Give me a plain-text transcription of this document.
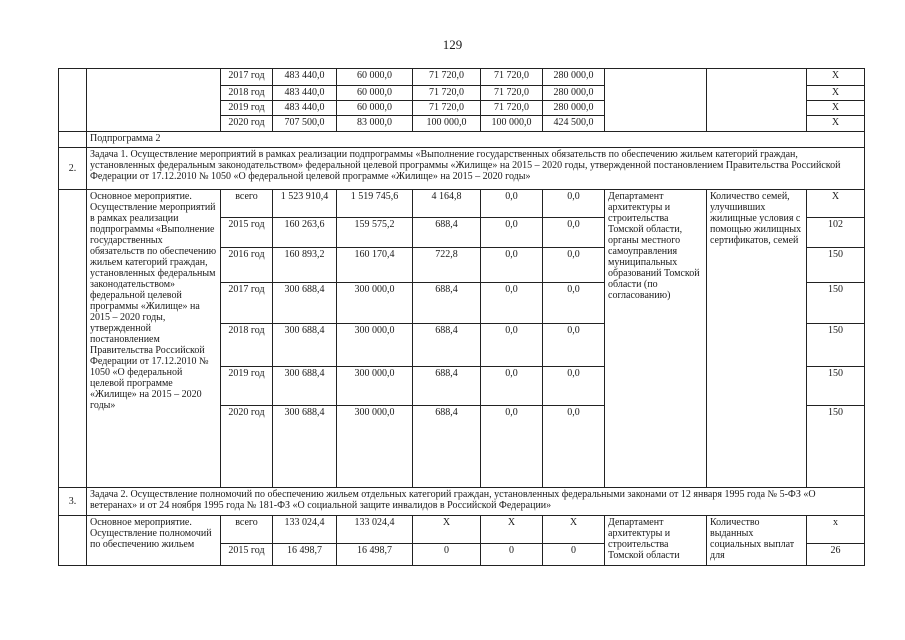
129
		2017 год	483 440,0	60 000,0	71 720,0	71 720,0	280 000,0			X
		2018 год	483 440,0	60 000,0	71 720,0	71 720,0	280 000,0			X
		2019 год	483 440,0	60 000,0	71 720,0	71 720,0	280 000,0			X
		2020 год	707 500,0	83 000,0	100 000,0	100 000,0	424 500,0			X
	Подпрограмма 2									
2.	Задача 1. Осуществление мероприятий в рамках реализации подпрограммы «Выполнение государственных обязательств по обеспечению жильем категорий граждан, установленных федеральным законодательством» федеральной целевой программы «Жилище» на 2015 – 2020 годы, утвержденной постановлением Правительства Российской Федерации от 17.12.2010 № 1050 «О федеральной целевой программе «Жилище» на 2015 – 2020 годы»									
	Основное мероприятие. Осуществление мероприятий в рамках реализации подпрограммы «Выполнение государственных обязательств по обеспечению жильем категорий граждан, установленных федеральным законодательством» федеральной целевой программы «Жилище» на 2015 – 2020 годы, утвержденной постановлением Правительства Российской Федерации от 17.12.2010 № 1050 «О федеральной целевой программе «Жилище» на 2015 – 2020 годы»	всего	1 523 910,4	1 519 745,6	4 164,8	0,0	0,0	Департамент архитектуры и строительства Томской области, органы местного самоуправления муниципальных образований Томской области (по согласованию)	Количество семей, улучшивших жилищные условия с помощью жилищных сертификатов, семей	X
		2015 год	160 263,6	159 575,2	688,4	0,0	0,0			102
		2016 год	160 893,2	160 170,4	722,8	0,0	0,0			150
		2017 год	300 688,4	300 000,0	688,4	0,0	0,0			150
		2018 год	300 688,4	300 000,0	688,4	0,0	0,0			150
		2019 год	300 688,4	300 000,0	688,4	0,0	0,0			150
		2020 год	300 688,4	300 000,0	688,4	0,0	0,0			150
3.	Задача 2. Осуществление полномочий по обеспечению жильем отдельных категорий граждан, установленных федеральными законами от 12 января 1995 года № 5-ФЗ «О ветеранах» и от 24 ноября 1995 года № 181-ФЗ «О социальной защите инвалидов в Российской Федерации»									
	Основное мероприятие. Осуществление полномочий по обеспечению жильем	всего	133 024,4	133 024,4	X	X	X	Департамент архитектуры и строительства Томской области	Количество выданных социальных выплат для	x
		2015 год	16 498,7	16 498,7	0	0	0			26
